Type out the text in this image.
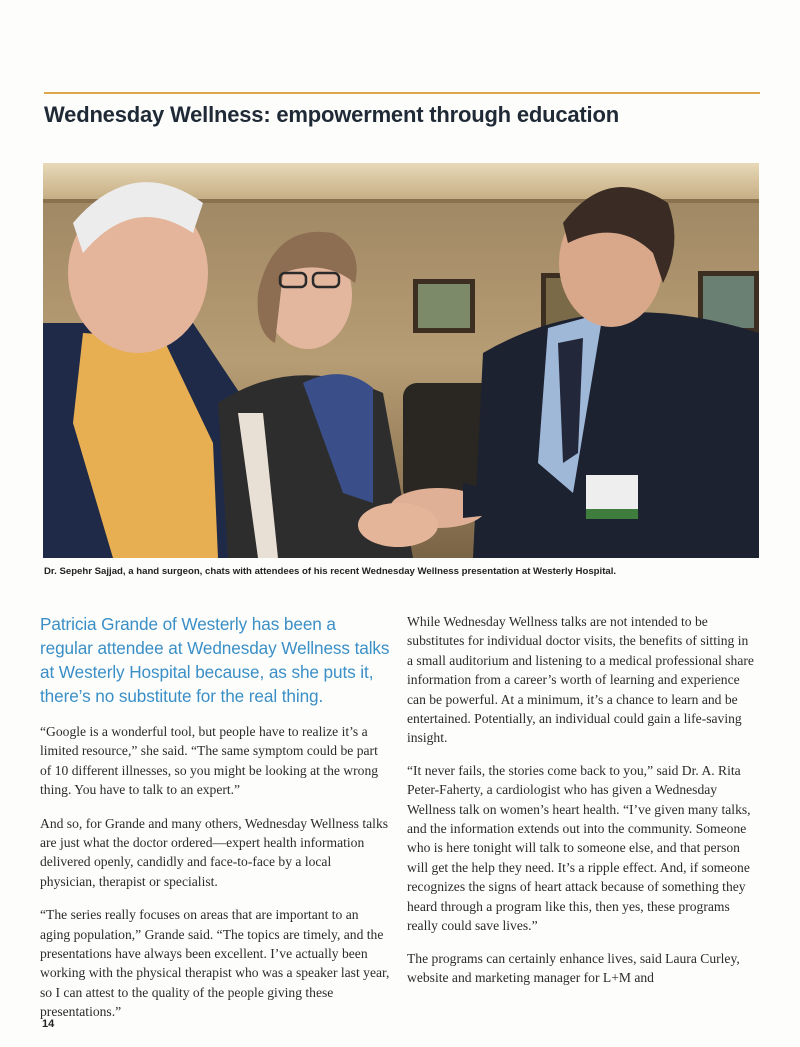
Wednesday Wellness: empowerment through education
Dr. Sepehr Sajjad, a hand surgeon, chats with attendees of his recent Wednesday Wellness presentation at Westerly Hospital.

Patricia Grande of Westerly has been a regular attendee at Wednesday Wellness talks at Westerly Hospital because, as she puts it, there’s no substitute for the real thing.

“Google is a wonderful tool, but people have to realize it’s a limited resource,” she said. “The same symptom could be part of 10 different illnesses, so you might be looking at the wrong thing. You have to talk to an expert.”

And so, for Grande and many others, Wednesday Wellness talks are just what the doctor ordered—expert health information delivered openly, candidly and face-to-face by a local physician, therapist or specialist.

“The series really focuses on areas that are important to an aging population,” Grande said. “The topics are timely, and the presentations have always been excellent. I’ve actually been working with the physical therapist who was a speaker last year, so I can attest to the quality of the people giving these presentations.”

While Wednesday Wellness talks are not intended to be substitutes for individual doctor visits, the benefits of sitting in a small auditorium and listening to a medical professional share information from a career’s worth of learning and experience can be powerful. At a minimum, it’s a chance to learn and be entertained. Potentially, an individual could gain a life-saving insight.

“It never fails, the stories come back to you,” said Dr. A. Rita Peter-Faherty, a cardiologist who has given a Wednesday Wellness talk on women’s heart health. “I’ve given many talks, and the information extends out into the community. Someone who is here tonight will talk to someone else, and that person will get the help they need. It’s a ripple effect. And, if someone recognizes the signs of heart attack because of something they heard through a program like this, then yes, these programs really could save lives.”

The programs can certainly enhance lives, said Laura Curley, website and marketing manager for L+M and

14
